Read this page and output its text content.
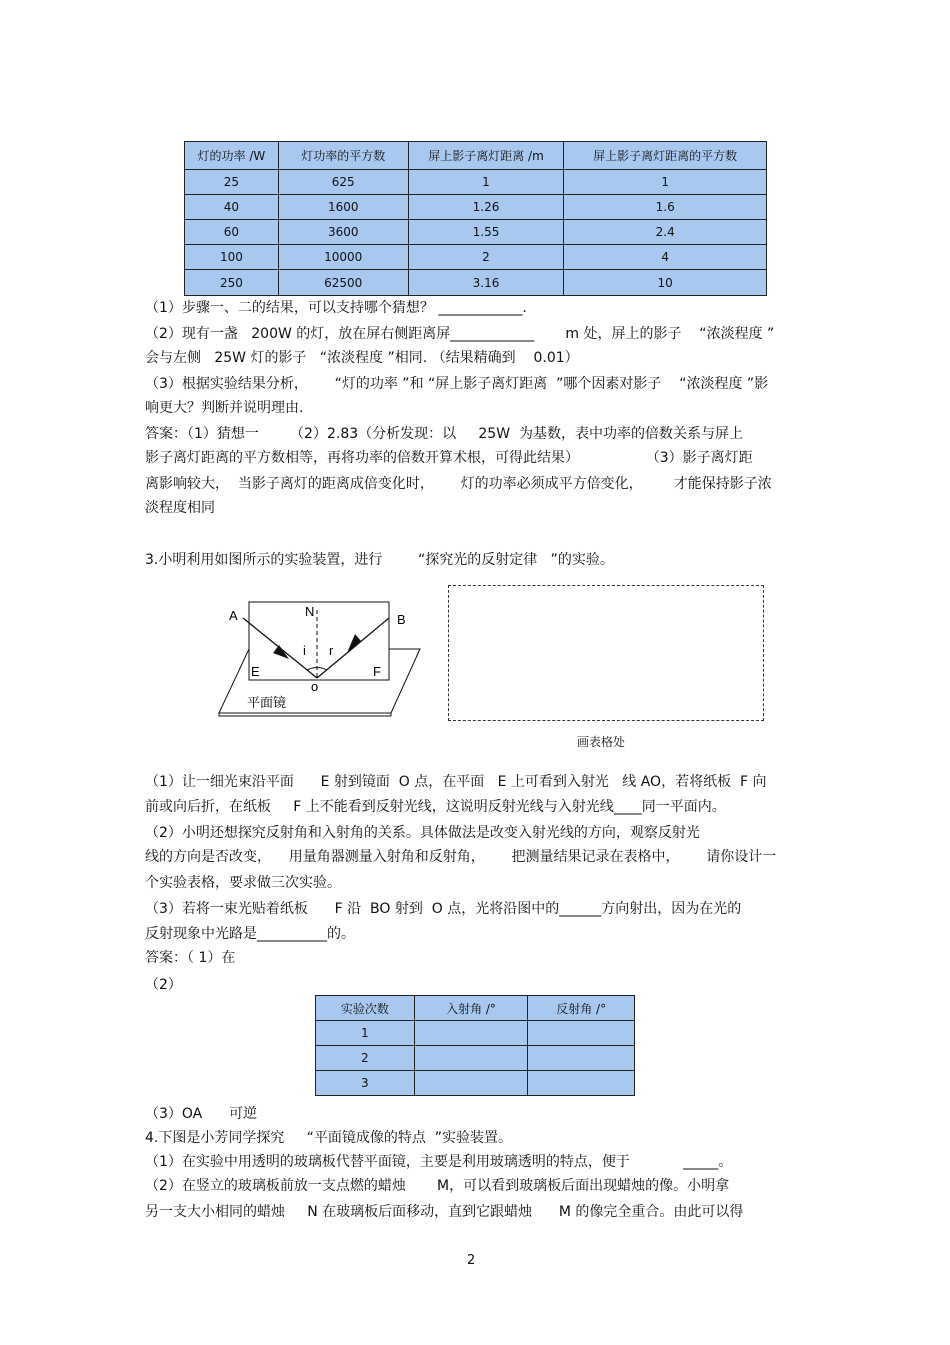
灯的功率 /W	灯功率的平方数	屏上影子离灯距离 /m	屏上影子离灯距离的平方数
25	625	1	1
40	1600	1.26	1.6
60	3600	1.55	2.4
100	10000	2	4
250	62500	3.16	10
（1）步骤一、二的结果，可以支持哪个猜想？ ____________.
（2）现有一盏   200W 的灯，放在屏右侧距离屏____________       m 处，屏上的影子    “浓淡程度 ”
会与左侧   25W 灯的影子   “浓淡程度 ”相同. （结果精确到    0.01）
（3）根据实验结果分析，      “灯的功率 ”和 “屏上影子离灯距离  ”哪个因素对影子    “浓淡程度 ”影
响更大？判断并说明理由.
答案：（1）猜想一       （2）2.83（分析发现：以     25W  为基数，表中功率的倍数关系与屏上
影子离灯距离的平方数相等，再将功率的倍数开算术根，可得此结果）               （3）影子离灯距
离影响较大，  当影子离灯的距离成倍变化时，      灯的功率必须成平方倍变化，       才能保持影子浓
淡程度相同
3.小明利用如图所示的实验装置，进行        “探究光的反射定律   ”的实验。
A	B
N
i r
E	F
o
平面镜
画表格处
（1）让一细光束沿平面      E 射到镜面  O 点，在平面   E 上可看到入射光   线 AO，若将纸板  F 向
前或向后折，在纸板     F 上不能看到反射光线，这说明反射光线与入射光线____同一平面内。
（2）小明还想探究反射角和入射角的关系。具体做法是改变入射光线的方向，观察反射光
线的方向是否改变，    用量角器测量入射角和反射角，      把测量结果记录在表格中，      请你设计一
个实验表格，要求做三次实验。
（3）若将一束光贴着纸板      F 沿  BO 射到  O 点，光将沿图中的______方向射出，因为在光的
反射现象中光路是__________的。
答案：（ 1）在
（2）
实验次数	入射角 /°	反射角 /°
1		
2		
3		
（3）OA      可逆
4.下图是小芳同学探究     “平面镜成像的特点  ”实验装置。
（1）在实验中用透明的玻璃板代替平面镜，主要是利用玻璃透明的特点，便于            _____。
（2）在竖立的玻璃板前放一支点燃的蜡烛       M，可以看到玻璃板后面出现蜡烛的像。小明拿
另一支大小相同的蜡烛     N 在玻璃板后面移动，直到它跟蜡烛      M 的像完全重合。由此可以得
2
